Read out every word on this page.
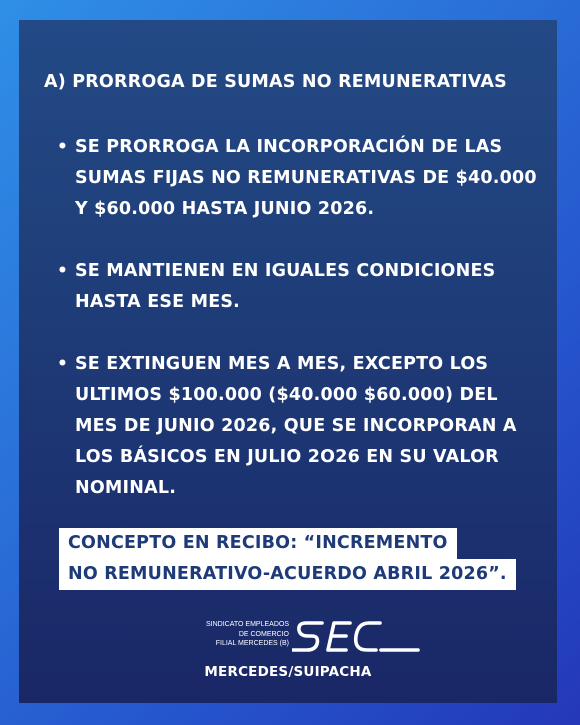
A) PRORROGA DE SUMAS NO REMUNERATIVAS
• SE PRORROGA LA INCORPORACIÓN DE LAS SUMAS FIJAS NO REMUNERATIVAS DE $40.000 Y $60.000 HASTA JUNIO 2026.
• SE MANTIENEN EN IGUALES CONDICIONES HASTA ESE MES.
• SE EXTINGUEN MES A MES, EXCEPTO LOS ULTIMOS $100.000 ($40.000 $60.000) DEL MES DE JUNIO 2026, QUE SE INCORPORAN A LOS BÁSICOS EN JULIO 2O26 EN SU VALOR NOMINAL.
CONCEPTO EN RECIBO: “INCREMENTO
NO REMUNERATIVO-ACUERDO ABRIL 2026”.
SINDICATO EMPLEADOS
DE COMERCIO
FILIAL MERCEDES (B)
MERCEDES/SUIPACHA
